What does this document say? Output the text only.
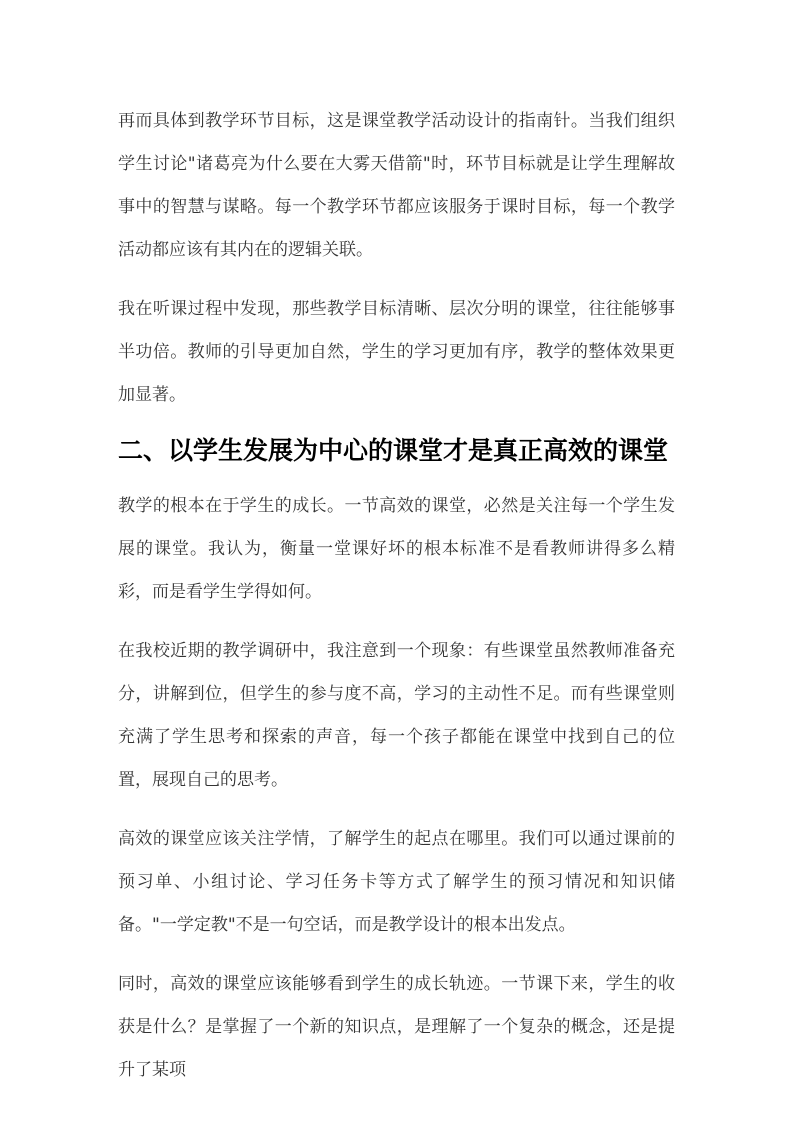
再而具体到教学环节目标，这是课堂教学活动设计的指南针。当我们组织学生讨论"诸葛亮为什么要在大雾天借箭"时，环节目标就是让学生理解故事中的智慧与谋略。每一个教学环节都应该服务于课时目标，每一个教学活动都应该有其内在的逻辑关联。

我在听课过程中发现，那些教学目标清晰、层次分明的课堂，往往能够事半功倍。教师的引导更加自然，学生的学习更加有序，教学的整体效果更加显著。

二、以学生发展为中心的课堂才是真正高效的课堂

教学的根本在于学生的成长。一节高效的课堂，必然是关注每一个学生发展的课堂。我认为，衡量一堂课好坏的根本标准不是看教师讲得多么精彩，而是看学生学得如何。

在我校近期的教学调研中，我注意到一个现象：有些课堂虽然教师准备充分，讲解到位，但学生的参与度不高，学习的主动性不足。而有些课堂则充满了学生思考和探索的声音，每一个孩子都能在课堂中找到自己的位置，展现自己的思考。

高效的课堂应该关注学情，了解学生的起点在哪里。我们可以通过课前的预习单、小组讨论、学习任务卡等方式了解学生的预习情况和知识储备。"一学定教"不是一句空话，而是教学设计的根本出发点。

同时，高效的课堂应该能够看到学生的成长轨迹。一节课下来，学生的收获是什么？是掌握了一个新的知识点，是理解了一个复杂的概念，还是提升了某项
